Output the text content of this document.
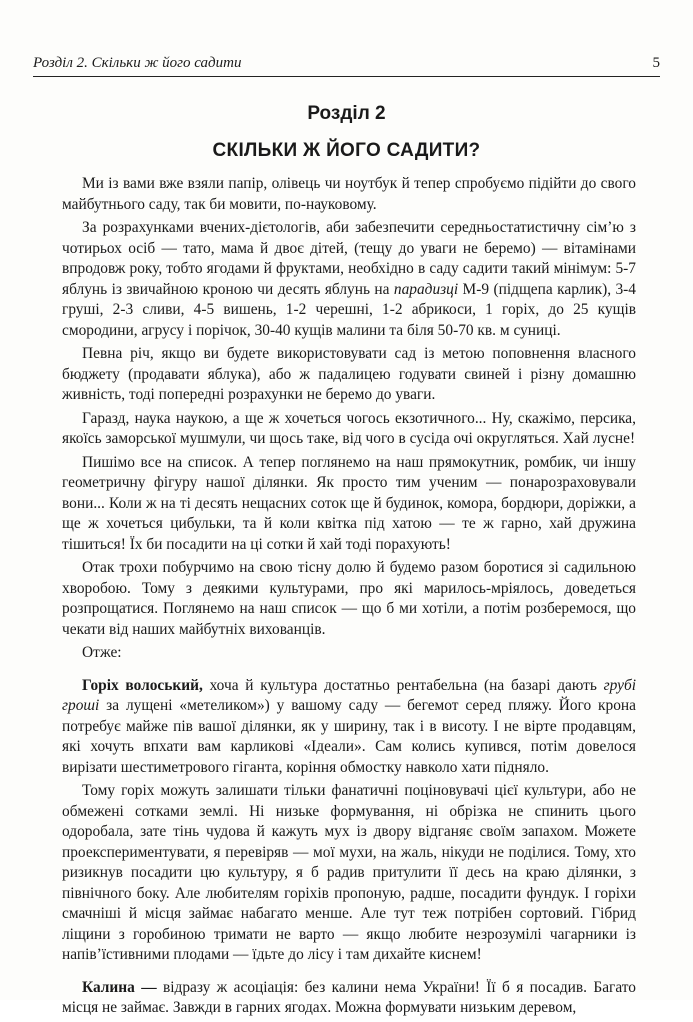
Розділ 2. Скільки ж його садити	5
Розділ 2
СКІЛЬКИ Ж ЙОГО САДИТИ?

Ми із вами вже взяли папір, олівець чи ноутбук й тепер спробуємо підійти до свого майбутнього саду, так би мовити, по-науковому.

За розрахунками вчених-дієтологів, аби забезпечити середньостатистичну сім’ю з чотирьох осіб — тато, мама й двоє дітей, (тещу до уваги не беремо) — вітамінами впродовж року, тобто ягодами й фруктами, необхідно в саду садити такий мінімум: 5-7 яблунь із звичайною кроною чи десять яблунь на парадизці М-9 (підщепа карлик), 3-4 груші, 2-3 сливи, 4-5 вишень, 1-2 черешні, 1-2 абрикоси, 1 горіх, до 25 кущів смородини, агрусу і порічок, 30-40 кущів малини та біля 50-70 кв. м суниці.

Певна річ, якщо ви будете використовувати сад із метою поповнення власного бюджету (продавати яблука), або ж падалицею годувати свиней і різну домашню живність, тоді попередні розрахунки не беремо до уваги.

Гаразд, наука наукою, а ще ж хочеться чогось екзотичного... Ну, скажімо, персика, якоїсь заморської мушмули, чи щось таке, від чого в сусіда очі округляться. Хай лусне!

Пишімо все на список. А тепер поглянемо на наш прямокутник, ромбик, чи іншу геометричну фігуру нашої ділянки. Як просто тим ученим — понарозраховували вони... Коли ж на ті десять нещасних соток ще й будинок, комора, бордюри, доріжки, а ще ж хочеться цибульки, та й коли квітка під хатою — те ж гарно, хай дружина тішиться! Їх би посадити на ці сотки й хай тоді порахують!

Отак трохи побурчимо на свою тісну долю й будемо разом боротися зі садильною хворобою. Тому з деякими культурами, про які марилось-мріялось, доведеться розпрощатися. Поглянемо на наш список — що б ми хотіли, а потім розберемося, що чекати від наших майбутніх вихованців.

Отже:

Горіх волоський, хоча й культура достатньо рентабельна (на базарі дають грубі гроші за лущені «метеликом») у вашому саду — бегемот серед пляжу. Його крона потребує майже пів вашої ділянки, як у ширину, так і в висоту. І не вірте продавцям, які хочуть впхати вам карликові «Ідеали». Сам колись купився, потім довелося вирізати шестиметрового гіганта, коріння обмостку навколо хати підняло.

Тому горіх можуть залишати тільки фанатичні поціновувачі цієї культури, або не обмежені сотками землі. Ні низьке формування, ні обрізка не спинить цього одоробала, зате тінь чудова й кажуть мух із двору відганяє своїм запахом. Можете проекспериментувати, я перевіряв — мої мухи, на жаль, нікуди не поділися. Тому, хто ризикнув посадити цю культуру, я б радив притулити її десь на краю ділянки, з північного боку. Але любителям горіхів пропоную, радше, посадити фундук. І горіхи смачніші й місця займає набагато менше. Але тут теж потрібен сортовий. Гібрид ліщини з горобиною тримати не варто — якщо любите незрозумілі чагарники із напів’їстивними плодами — їдьте до лісу і там дихайте киснем!

Калина — відразу ж асоціація: без калини нема України! Її б я посадив. Багато місця не займає. Завжди в гарних ягодах. Можна формувати низьким деревом,
